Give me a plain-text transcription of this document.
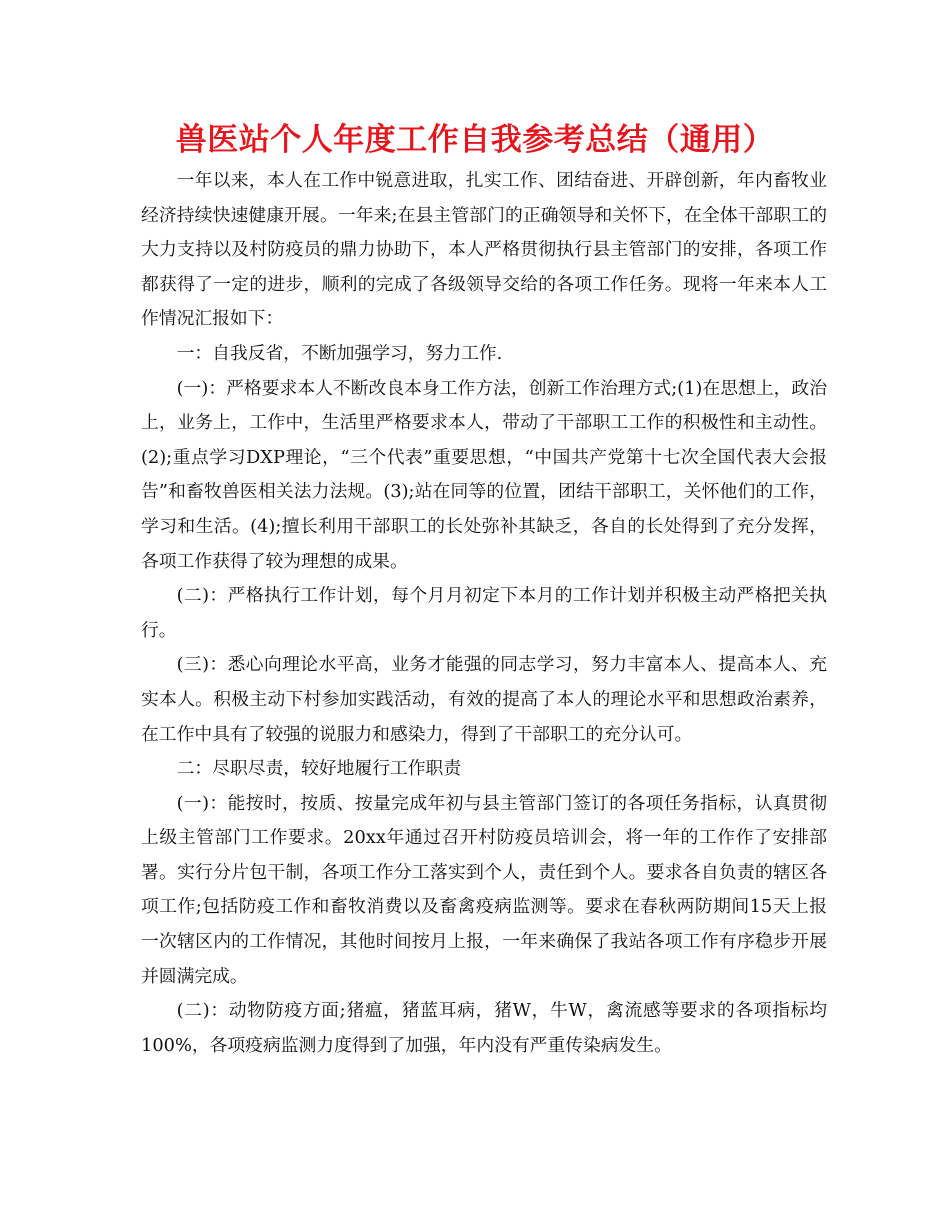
兽医站个人年度工作自我参考总结（通用）

一年以来，本人在工作中锐意进取，扎实工作、团结奋进、开辟创新，年内畜牧业经济持续快速健康开展。一年来;在县主管部门的正确领导和关怀下，在全体干部职工的大力支持以及村防疫员的鼎力协助下，本人严格贯彻执行县主管部门的安排，各项工作都获得了一定的进步，顺利的完成了各级领导交给的各项工作任务。现将一年来本人工作情况汇报如下：

一：自我反省，不断加强学习，努力工作.

(一)：严格要求本人不断改良本身工作方法，创新工作治理方式;(1)在思想上，政治上，业务上，工作中，生活里严格要求本人，带动了干部职工工作的积极性和主动性。(2);重点学习DXP理论，“三个代表”重要思想，“中国共产党第十七次全国代表大会报告”和畜牧兽医相关法力法规。(3);站在同等的位置，团结干部职工，关怀他们的工作，学习和生活。(4);擅长利用干部职工的长处弥补其缺乏，各自的长处得到了充分发挥，各项工作获得了较为理想的成果。

(二)：严格执行工作计划，每个月月初定下本月的工作计划并积极主动严格把关执行。

(三)：悉心向理论水平高，业务才能强的同志学习，努力丰富本人、提高本人、充实本人。积极主动下村参加实践活动，有效的提高了本人的理论水平和思想政治素养，在工作中具有了较强的说服力和感染力，得到了干部职工的充分认可。

二：尽职尽责，较好地履行工作职责

(一)：能按时，按质、按量完成年初与县主管部门签订的各项任务指标，认真贯彻上级主管部门工作要求。20xx年通过召开村防疫员培训会，将一年的工作作了安排部署。实行分片包干制，各项工作分工落实到个人，责任到个人。要求各自负责的辖区各项工作;包括防疫工作和畜牧消费以及畜禽疫病监测等。要求在春秋两防期间15天上报一次辖区内的工作情况，其他时间按月上报，一年来确保了我站各项工作有序稳步开展并圆满完成。

(二)：动物防疫方面;猪瘟，猪蓝耳病，猪W，牛W，禽流感等要求的各项指标均100%，各项疫病监测力度得到了加强，年内没有严重传染病发生。
